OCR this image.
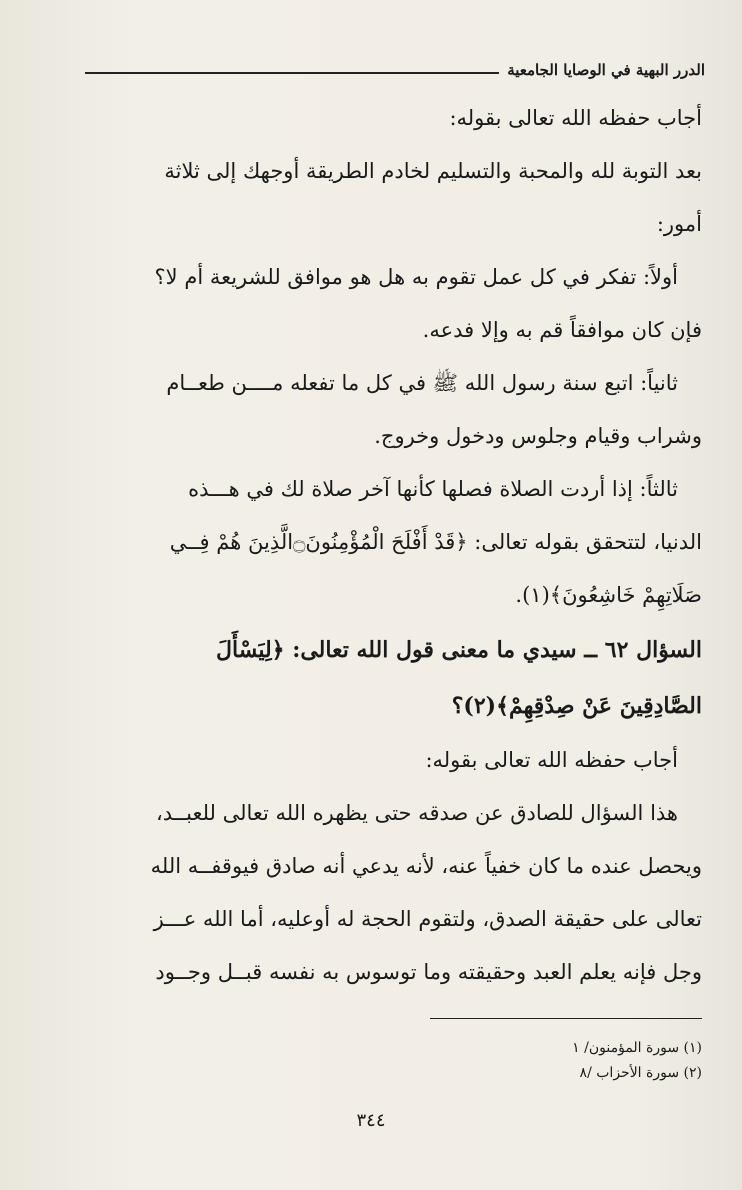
الدرر البهية في الوصايا الجامعية
أجاب حفظه الله تعالى بقوله:
بعد التوبة لله والمحبة والتسليم لخادم الطريقة أوجهك إلى ثلاثة
أمور:
أولاً: تفكر في كل عمل تقوم به هل هو موافق للشريعة أم لا؟
فإن كان موافقاً قم به وإلا فدعه.
ثانياً: اتبع سنة رسول الله ﷺ في كل ما تفعله مــــن طعــام
وشراب وقيام وجلوس ودخول وخروج.
ثالثاً: إذا أردت الصلاة فصلها كأنها آخر صلاة لك في هـــذه
الدنيا، لتتحقق بقوله تعالى: ﴿قَدْ أَفْلَحَ الْمُؤْمِنُونَ۝الَّذِينَ هُمْ فِــي
صَلَاتِهِمْ خَاشِعُونَ﴾(١).
السؤال ٦٢ ــ سيدي ما معنى قول الله تعالى: ﴿لِيَسْأَلَ
الصَّادِقِينَ عَنْ صِدْقِهِمْ﴾(٢)؟
أجاب حفظه الله تعالى بقوله:
هذا السؤال للصادق عن صدقه حتى يظهره الله تعالى للعبــد،
ويحصل عنده ما كان خفياً عنه، لأنه يدعي أنه صادق فيوقفــه الله
تعالى على حقيقة الصدق، ولتقوم الحجة له أوعليه، أما الله عـــز
وجل فإنه يعلم العبد وحقيقته وما توسوس به نفسه قبــل وجــود
(١) سورة المؤمنون/ ١
(٢) سورة الأحزاب /٨
٣٤٤
